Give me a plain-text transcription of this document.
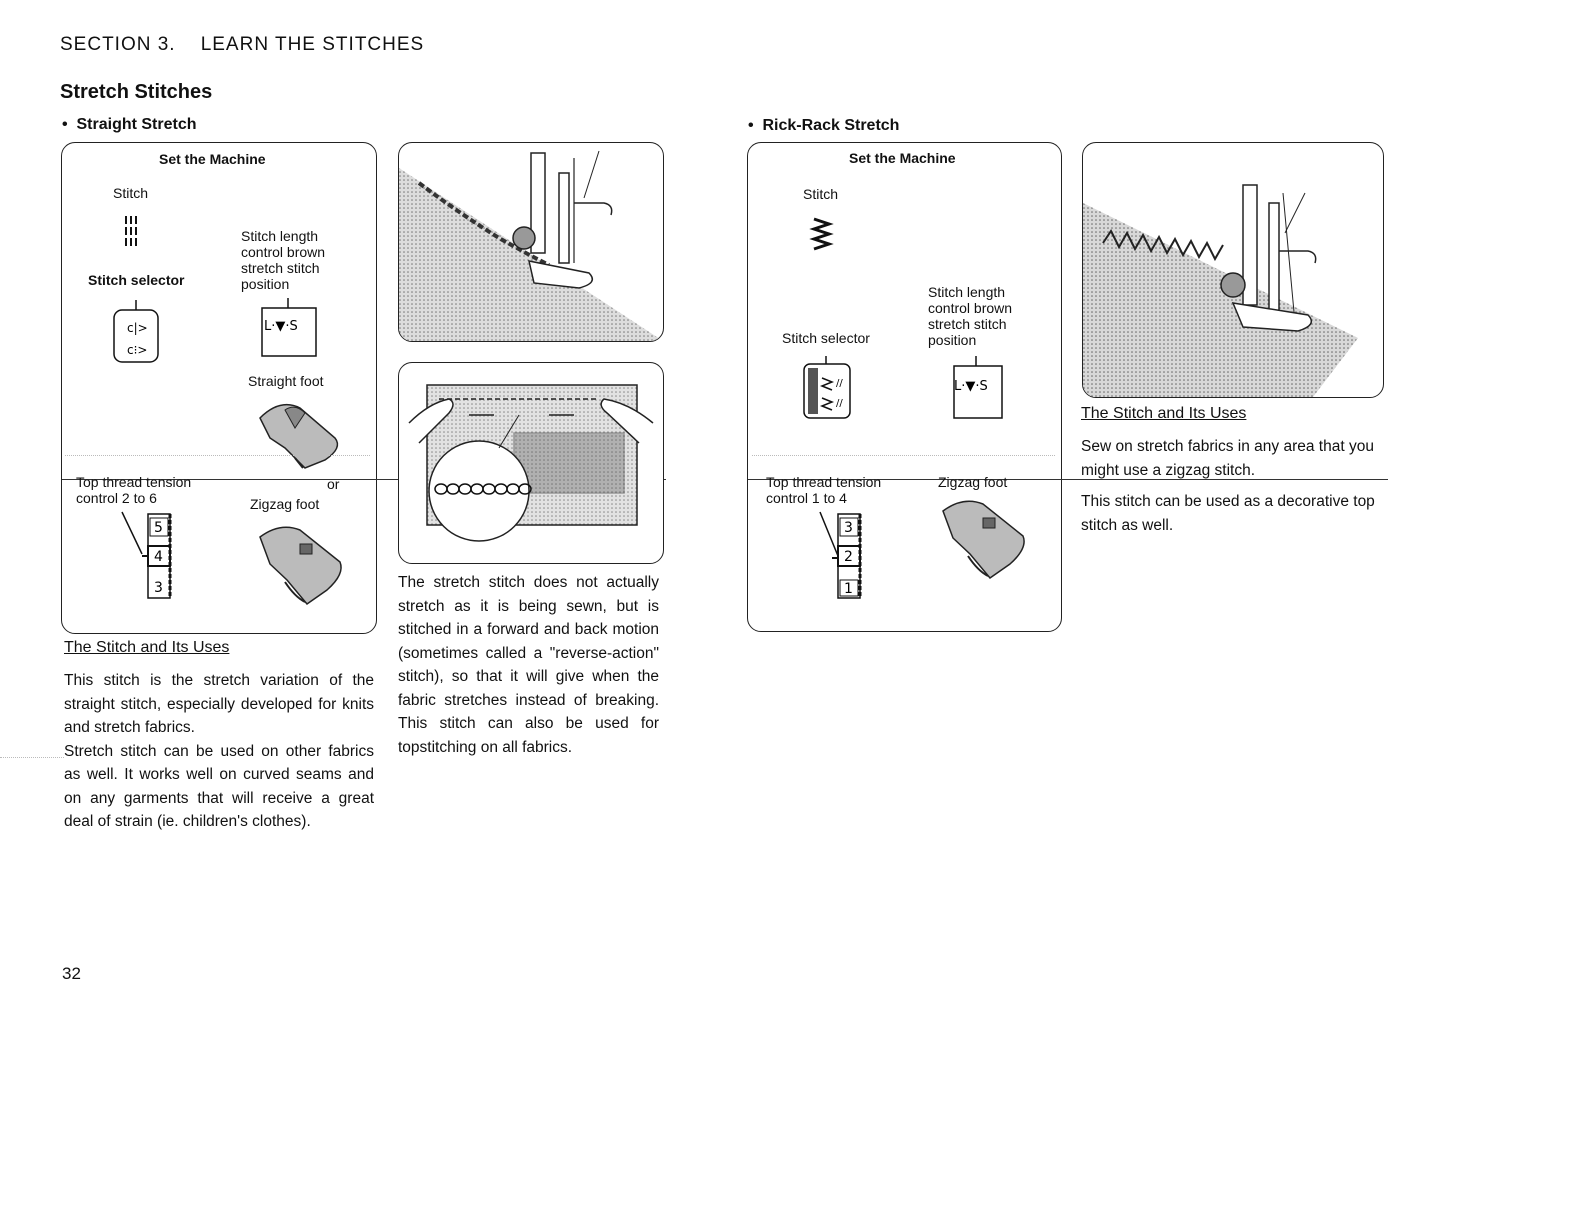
SECTION 3.    LEARN THE STITCHES
Stretch Stitches
•  Straight Stretch
Set the Machine
Stitch
Stitch length control brown stretch stitch position
Stitch selector
c|>
c⁝>
L·▼·S
Straight foot
Top thread tension control 2 to 6
or
Zigzag foot
5
4
3
The Stitch and Its Uses

This stitch is the stretch variation of the straight stitch, especially developed for knits and stretch fabrics.

Stretch stitch can be used on other fabrics as well. It works well on curved seams and on any garments that will receive a great deal of strain (ie. children's clothes).

The stretch stitch does not actually stretch as it is being sewn, but is stitched in a forward and back motion (sometimes called a "reverse-action" stitch), so that it will give when the fabric stretches instead of breaking. This stitch can also be used for topstitching on all fabrics.
•  Rick-Rack Stretch
Set the Machine
Stitch
Stitch length control brown stretch stitch position
Stitch selector
//
//
L·▼·S
Top thread tension control 1 to 4
Zigzag foot
3
2
1
The Stitch and Its Uses

Sew on stretch fabrics in any area that you might use a zigzag stitch.

This stitch can be used as a decorative top stitch as well.

32
